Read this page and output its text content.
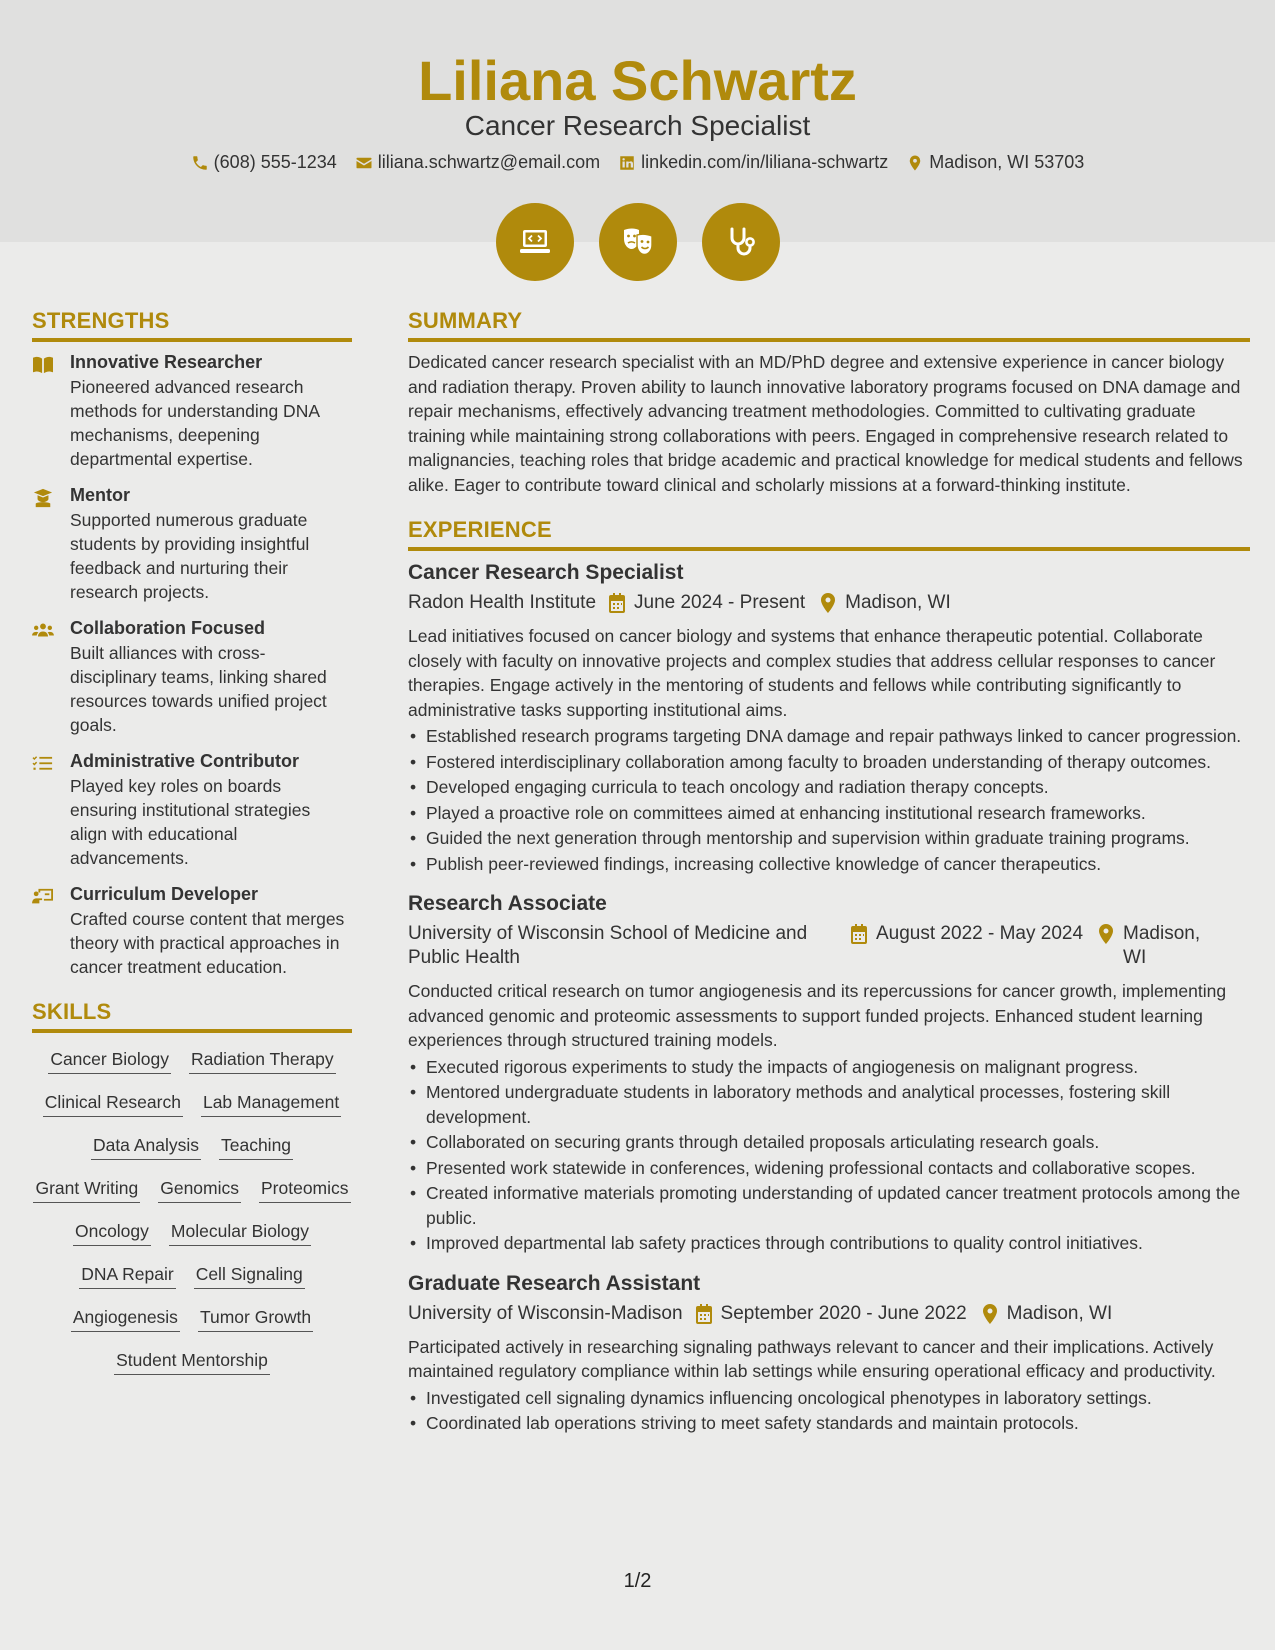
Liliana Schwartz
Cancer Research Specialist
(608) 555-1234 liliana.schwartz@email.com linkedin.com/in/liliana-schwartz Madison, WI 53703
STRENGTHS
Innovative Researcher
Pioneered advanced research methods for understanding DNA mechanisms, deepening departmental expertise.
Mentor
Supported numerous graduate students by providing insightful feedback and nurturing their research projects.
Collaboration Focused
Built alliances with cross-disciplinary teams, linking shared resources towards unified project goals.
Administrative Contributor
Played key roles on boards ensuring institutional strategies align with educational advancements.
Curriculum Developer
Crafted course content that merges theory with practical approaches in cancer treatment education.
SKILLS
Cancer Biology Radiation Therapy
Clinical Research Lab Management
Data Analysis Teaching
Grant Writing Genomics Proteomics
Oncology Molecular Biology
DNA Repair Cell Signaling
Angiogenesis Tumor Growth
Student Mentorship
SUMMARY
Dedicated cancer research specialist with an MD/PhD degree and extensive experience in cancer biology and radiation therapy. Proven ability to launch innovative laboratory programs focused on DNA damage and repair mechanisms, effectively advancing treatment methodologies. Committed to cultivating graduate training while maintaining strong collaborations with peers. Engaged in comprehensive research related to malignancies, teaching roles that bridge academic and practical knowledge for medical students and fellows alike. Eager to contribute toward clinical and scholarly missions at a forward-thinking institute.
EXPERIENCE
Cancer Research Specialist
Radon Health Institute June 2024 - Present Madison, WI
Lead initiatives focused on cancer biology and systems that enhance therapeutic potential. Collaborate closely with faculty on innovative projects and complex studies that address cellular responses to cancer therapies. Engage actively in the mentoring of students and fellows while contributing significantly to administrative tasks supporting institutional aims.
• Established research programs targeting DNA damage and repair pathways linked to cancer progression.
• Fostered interdisciplinary collaboration among faculty to broaden understanding of therapy outcomes.
• Developed engaging curricula to teach oncology and radiation therapy concepts.
• Played a proactive role on committees aimed at enhancing institutional research frameworks.
• Guided the next generation through mentorship and supervision within graduate training programs.
• Publish peer-reviewed findings, increasing collective knowledge of cancer therapeutics.
Research Associate
University of Wisconsin School of Medicine and Public Health
August 2022 - May 2024 Madison, WI
Conducted critical research on tumor angiogenesis and its repercussions for cancer growth, implementing advanced genomic and proteomic assessments to support funded projects. Enhanced student learning experiences through structured training models.
• Executed rigorous experiments to study the impacts of angiogenesis on malignant progress.
• Mentored undergraduate students in laboratory methods and analytical processes, fostering skill development.
• Collaborated on securing grants through detailed proposals articulating research goals.
• Presented work statewide in conferences, widening professional contacts and collaborative scopes.
• Created informative materials promoting understanding of updated cancer treatment protocols among the public.
• Improved departmental lab safety practices through contributions to quality control initiatives.
Graduate Research Assistant
University of Wisconsin-Madison September 2020 - June 2022 Madison, WI
Participated actively in researching signaling pathways relevant to cancer and their implications. Actively maintained regulatory compliance within lab settings while ensuring operational efficacy and productivity.
• Investigated cell signaling dynamics influencing oncological phenotypes in laboratory settings.
• Coordinated lab operations striving to meet safety standards and maintain protocols.
1/2
